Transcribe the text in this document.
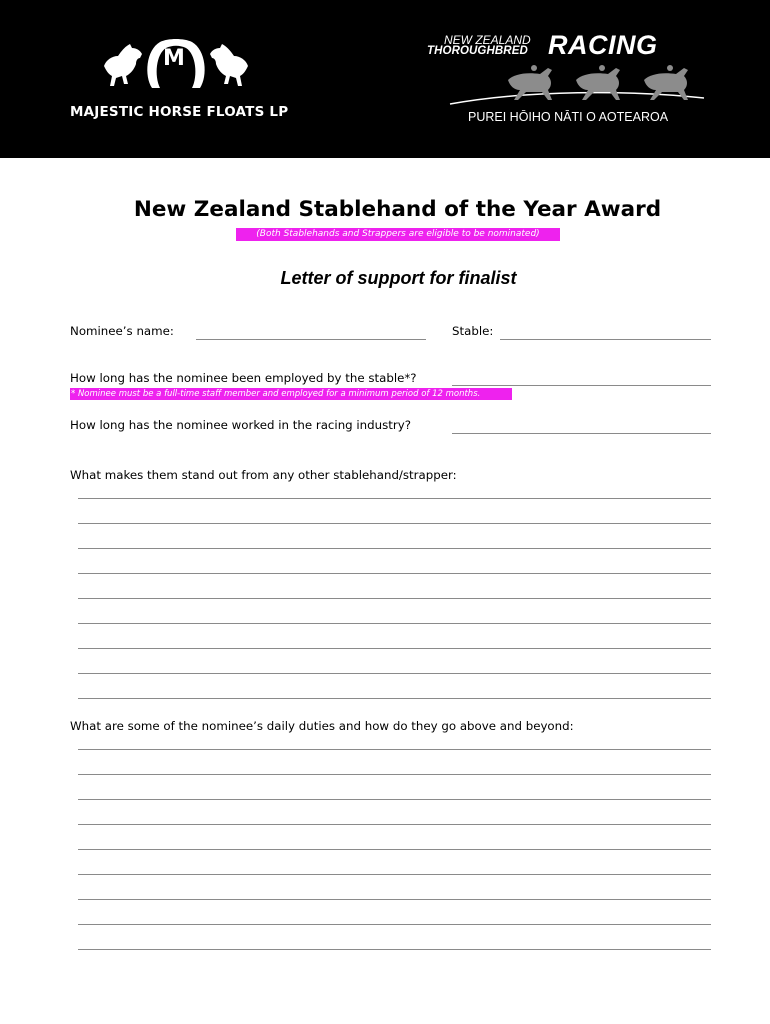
M
MAJESTIC HORSE FLOATS LP
NEW ZEALAND
THOROUGHBRED RACING
PUREI HŌIHO NĀTI O AOTEAROA
New Zealand Stablehand of the Year Award
(Both Stablehands and Strappers are eligible to be nominated)
Letter of support for finalist
Nominee’s name:	Stable:
How long has the nominee been employed by the stable*?
* Nominee must be a full-time staff member and employed for a minimum period of 12 months.
How long has the nominee worked in the racing industry?
What makes them stand out from any other stablehand/strapper:
What are some of the nominee’s daily duties and how do they go above and beyond:
